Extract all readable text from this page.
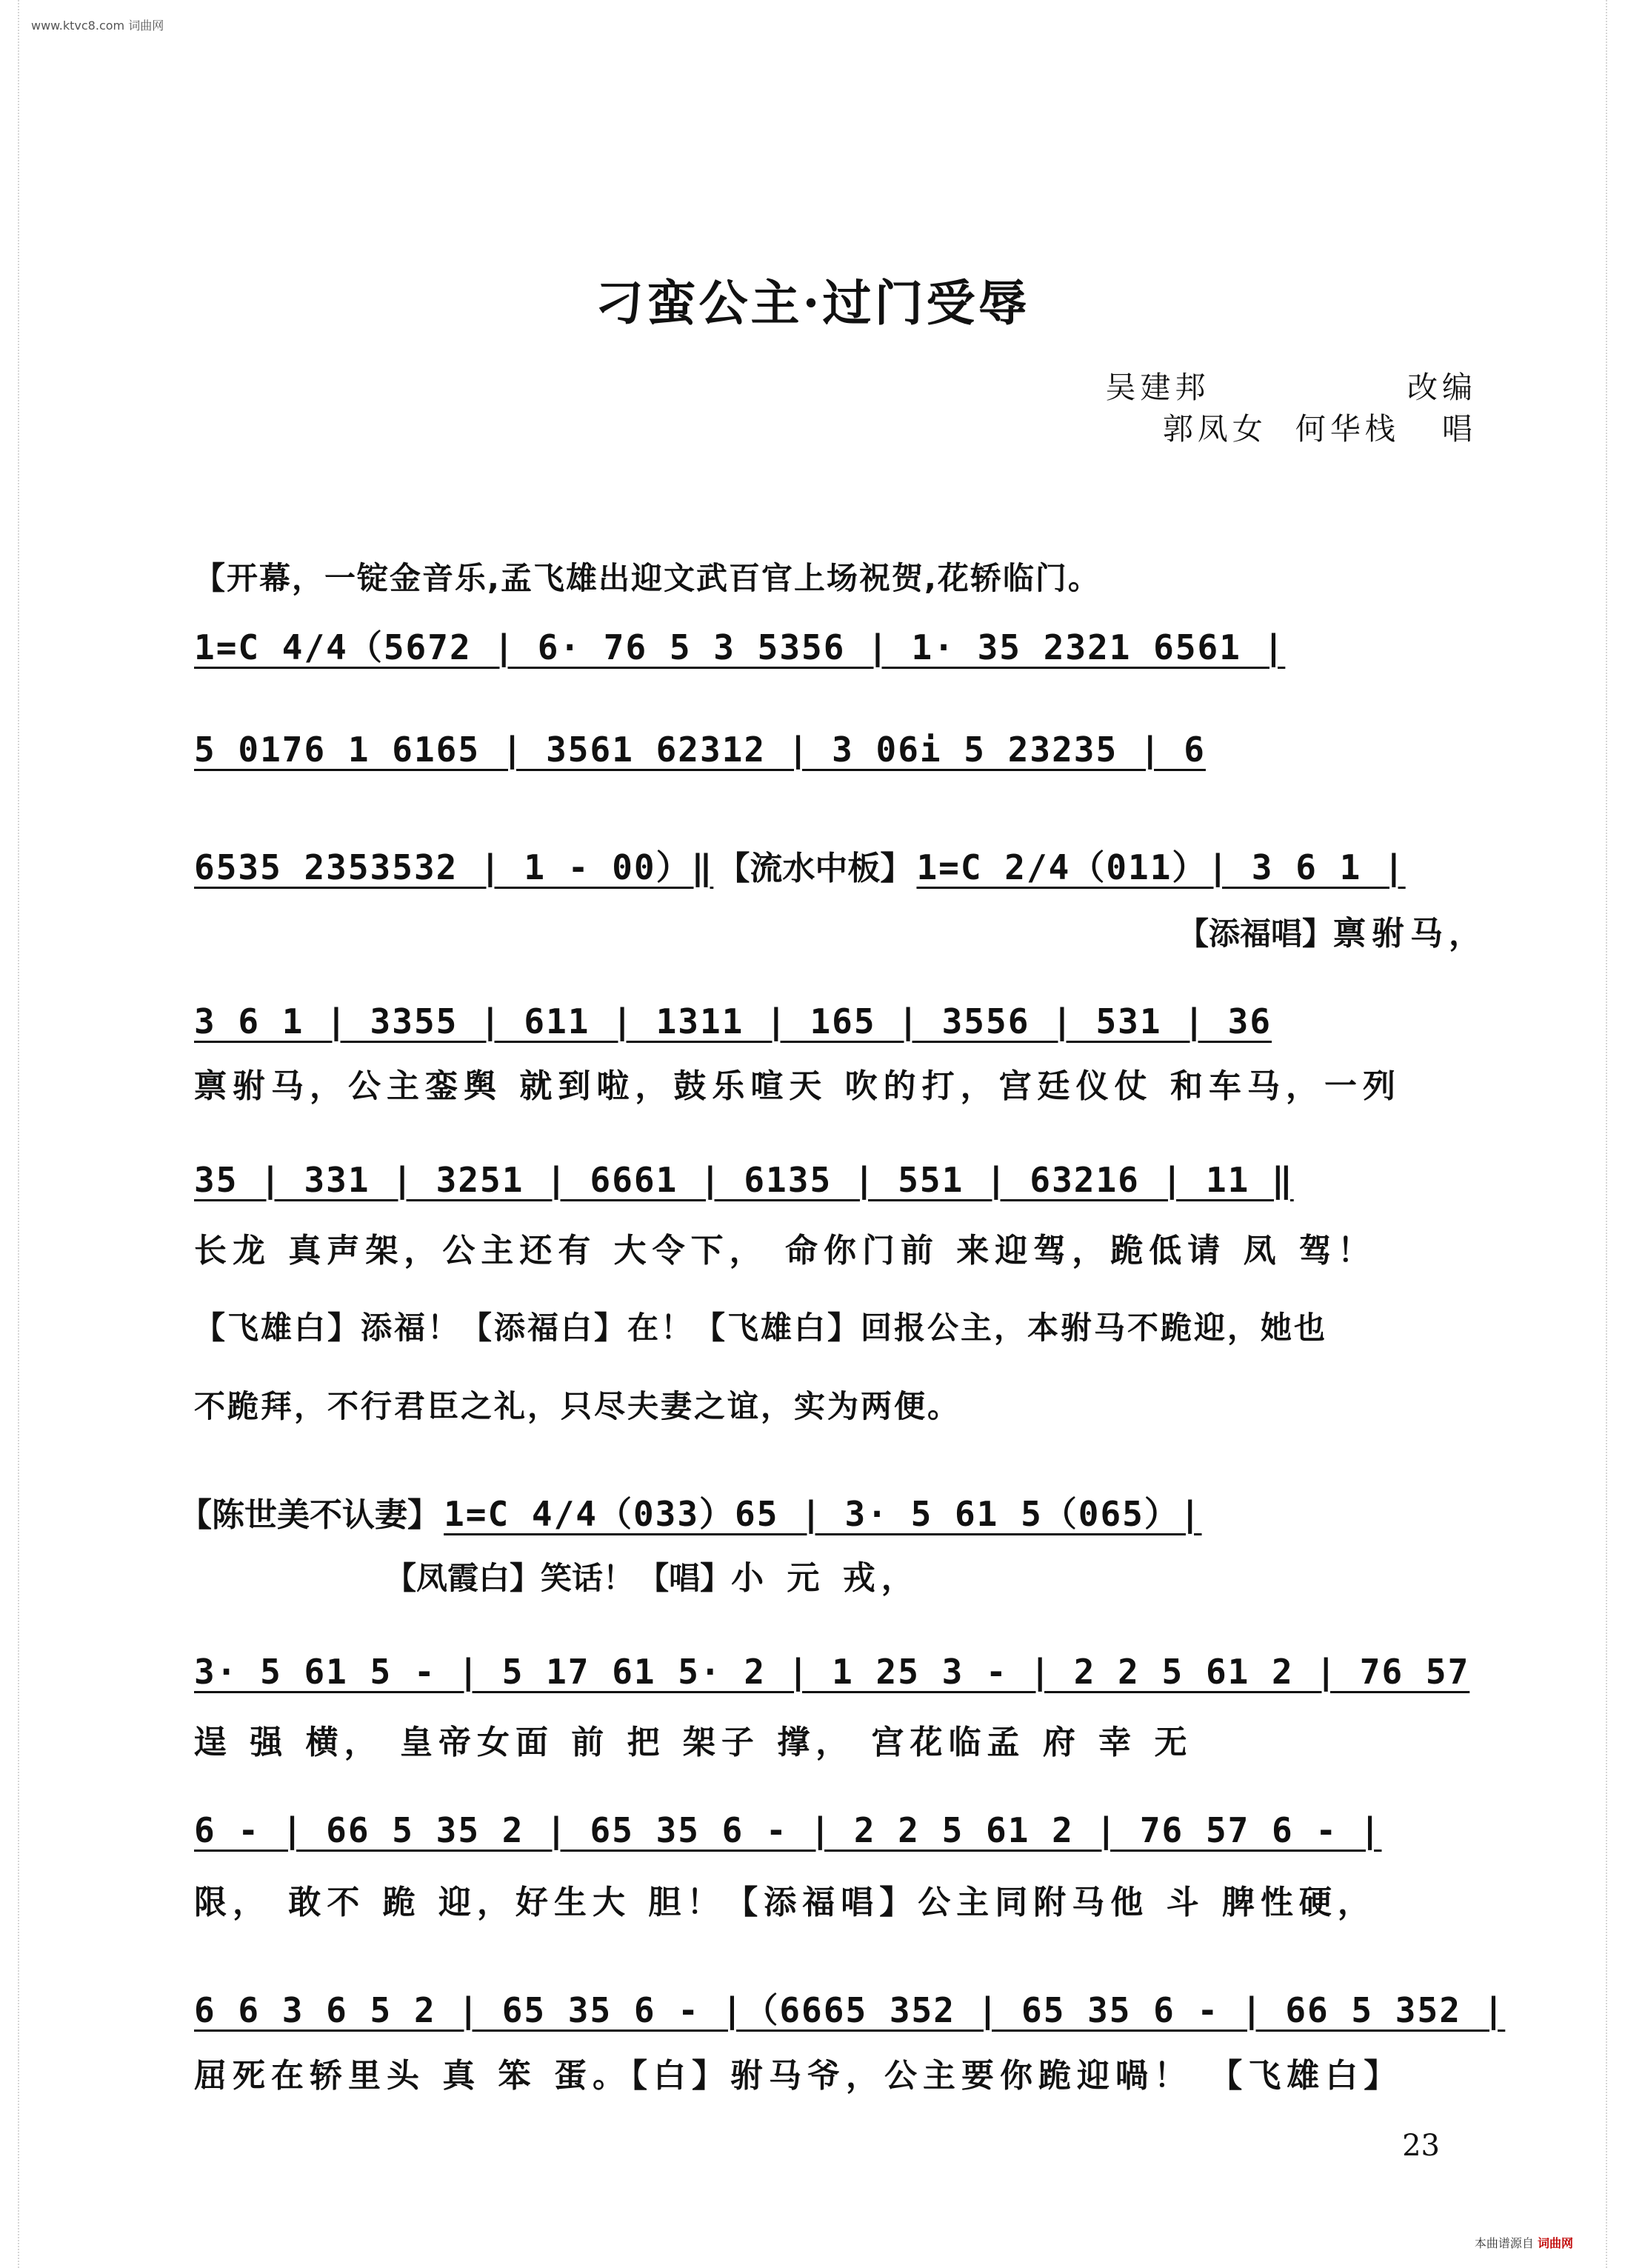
www.ktvc8.com 词曲网
刁蛮公主·过门受辱
吴建邦	改编
郭凤女  何华栈 唱
【开幕，一锭金音乐,孟飞雄出迎文武百官上场祝贺,花轿临门。
1=C 4/4（5672 | 6· 76 5 3 5356 | 1· 35 2321 6561 |
5 0176 1 6165 | 3561 62312 | 3 06i 5 23235 | 6
6535 2353532 | 1 - 00）‖ 【流水中板】 1=C 2/4（011）| 3 6 1 |
【添福唱】禀驸马，
3 6 1 | 3355 | 611 | 1311 | 165 | 3556 | 531 | 36
禀驸马，公主銮舆 就到啦，鼓乐喧天 吹的打，宫廷仪仗 和车马，一列
35 | 331 | 3251 | 6661 | 6135 | 551 | 63216 | 11 ‖
长龙 真声架，公主还有 大令下， 命你门前 来迎驾，跪低请 凤 驾！
【飞雄白】添福！【添福白】在！【飞雄白】回报公主，本驸马不跪迎，她也
不跪拜，不行君臣之礼，只尽夫妻之谊，实为两便。
【陈世美不认妻】 1=C 4/4（033）65 | 3· 5 61 5（065）|
【凤霞白】笑话！ 【唱】小 元 戎，
3· 5 61 5 - | 5 17 61 5· 2 | 1 25 3 - | 2 2 5 61 2 | 76 57
逞 强 横， 皇帝女面 前 把 架子 撑， 宫花临孟 府 幸 无
6 - | 66 5 35 2 | 65 35 6 - | 2 2 5 61 2 | 76 57 6 - |
限， 敢不 跪 迎，好生大 胆！【添福唱】公主同附马他 斗 脾性硬，
6 6 3 6 5 2 | 65 35 6 - |（6665 352 | 65 35 6 - | 66 5 352 |
屈死在轿里头 真 笨 蛋。【白】驸马爷，公主要你跪迎喎！ 【飞雄白】
23
本曲谱源自 词曲网
